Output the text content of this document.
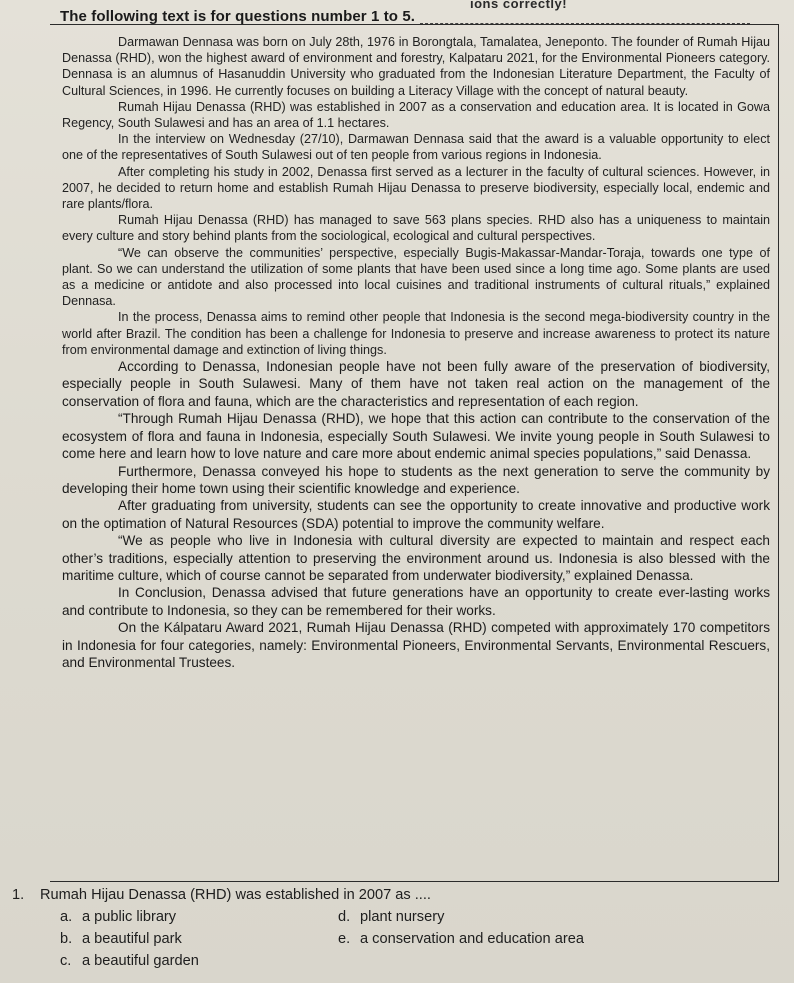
ions correctly!
The following text is for questions number 1 to 5.

Darmawan Dennasa was born on July 28th, 1976 in Borongtala, Tamalatea, Jeneponto. The founder of Rumah Hijau Denassa (RHD), won the highest award of environment and forestry, Kalpataru 2021, for the Environmental Pioneers category. Dennasa is an alumnus of Hasanuddin University who graduated from the Indonesian Literature Department, the Faculty of Cultural Sciences, in 1996. He currently focuses on building a Literacy Village with the concept of natural beauty.

Rumah Hijau Denassa (RHD) was established in 2007 as a conservation and education area. It is located in Gowa Regency, South Sulawesi and has an area of 1.1 hectares.

In the interview on Wednesday (27/10), Darmawan Dennasa said that the award is a valuable opportunity to elect one of the representatives of South Sulawesi out of ten people from various regions in Indonesia.

After completing his study in 2002, Denassa first served as a lecturer in the faculty of cultural sciences. However, in 2007, he decided to return home and establish Rumah Hijau Denassa to preserve biodiversity, especially local, endemic and rare plants/flora.

Rumah Hijau Denassa (RHD) has managed to save 563 plans species. RHD also has a uniqueness to maintain every culture and story behind plants from the sociological, ecological and cultural perspectives.

“We can observe the communities’ perspective, especially Bugis-Makassar-Mandar-Toraja, towards one type of plant. So we can understand the utilization of some plants that have been used since a long time ago. Some plants are used as a medicine or antidote and also processed into local cuisines and traditional instruments of cultural rituals,” explained Dennasa.

In the process, Denassa aims to remind other people that Indonesia is the second mega-biodiversity country in the world after Brazil. The condition has been a challenge for Indonesia to preserve and increase awareness to protect its nature from environmental damage and extinction of living things.

According to Denassa, Indonesian people have not been fully aware of the preservation of biodiversity, especially people in South Sulawesi. Many of them have not taken real action on the management of the conservation of flora and fauna, which are the characteristics and representation of each region.

“Through Rumah Hijau Denassa (RHD), we hope that this action can contribute to the conservation of the ecosystem of flora and fauna in Indonesia, especially South Sulawesi. We invite young people in South Sulawesi to come here and learn how to love nature and care more about endemic animal species populations,” said Denassa.

Furthermore, Denassa conveyed his hope to students as the next generation to serve the community by developing their home town using their scientific knowledge and experience.

After graduating from university, students can see the opportunity to create innovative and productive work on the optimation of Natural Resources (SDA) potential to improve the community welfare.

“We as people who live in Indonesia with cultural diversity are expected to maintain and respect each other’s traditions, especially attention to preserving the environment around us. Indonesia is also blessed with the maritime culture, which of course cannot be separated from underwater biodiversity,” explained Denassa.

In Conclusion, Denassa advised that future generations have an opportunity to create ever-lasting works and contribute to Indonesia, so they can be remembered for their works.

On the Kálpataru Award 2021, Rumah Hijau Denassa (RHD) competed with approximately 170 competitors in Indonesia for four categories, namely: Environmental Pioneers, Environmental Servants, Environmental Rescuers, and Environmental Trustees.

1. Rumah Hijau Denassa (RHD) was established in 2007 as ....
a. a public library	d. plant nursery
b. a beautiful park	e. a conservation and education area
c. a beautiful garden
